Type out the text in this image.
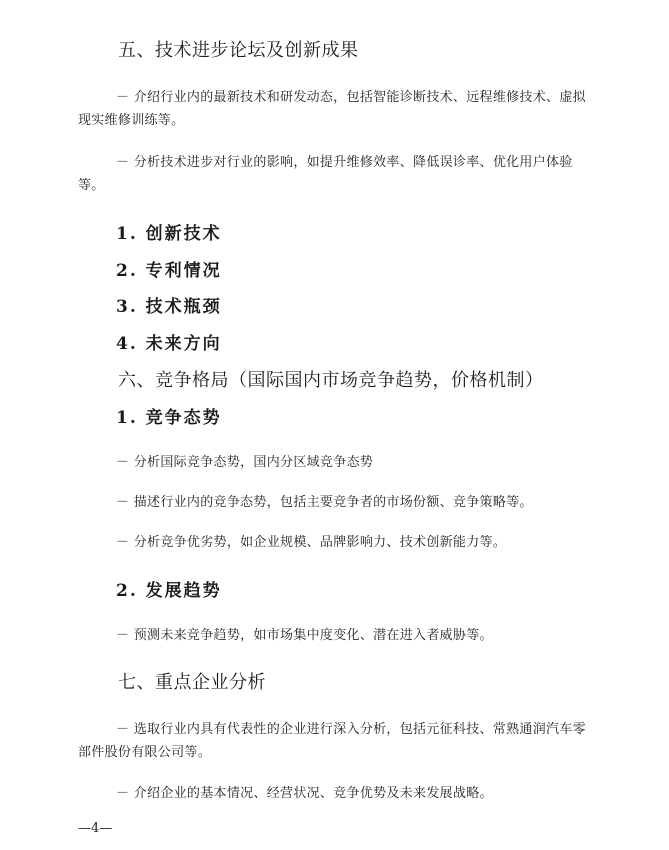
五、技术进步论坛及创新成果
－ 介绍行业内的最新技术和研发动态，包括智能诊断技术、远程维修技术、虚拟
现实维修训练等。
－ 分析技术进步对行业的影响，如提升维修效率、降低误诊率、优化用户体验
等。
1. 创新技术
2. 专利情况
3. 技术瓶颈
4. 未来方向
六、竞争格局（国际国内市场竞争趋势，价格机制）
1. 竞争态势
－ 分析国际竞争态势，国内分区域竞争态势
－ 描述行业内的竞争态势，包括主要竞争者的市场份额、竞争策略等。
－ 分析竞争优劣势，如企业规模、品牌影响力、技术创新能力等。
2. 发展趋势
－ 预测未来竞争趋势，如市场集中度变化、潜在进入者威胁等。
七、重点企业分析
－ 选取行业内具有代表性的企业进行深入分析，包括元征科技、常熟通润汽车零
部件股份有限公司等。
－ 介绍企业的基本情况、经营状况、竞争优势及未来发展战略。
—4—
